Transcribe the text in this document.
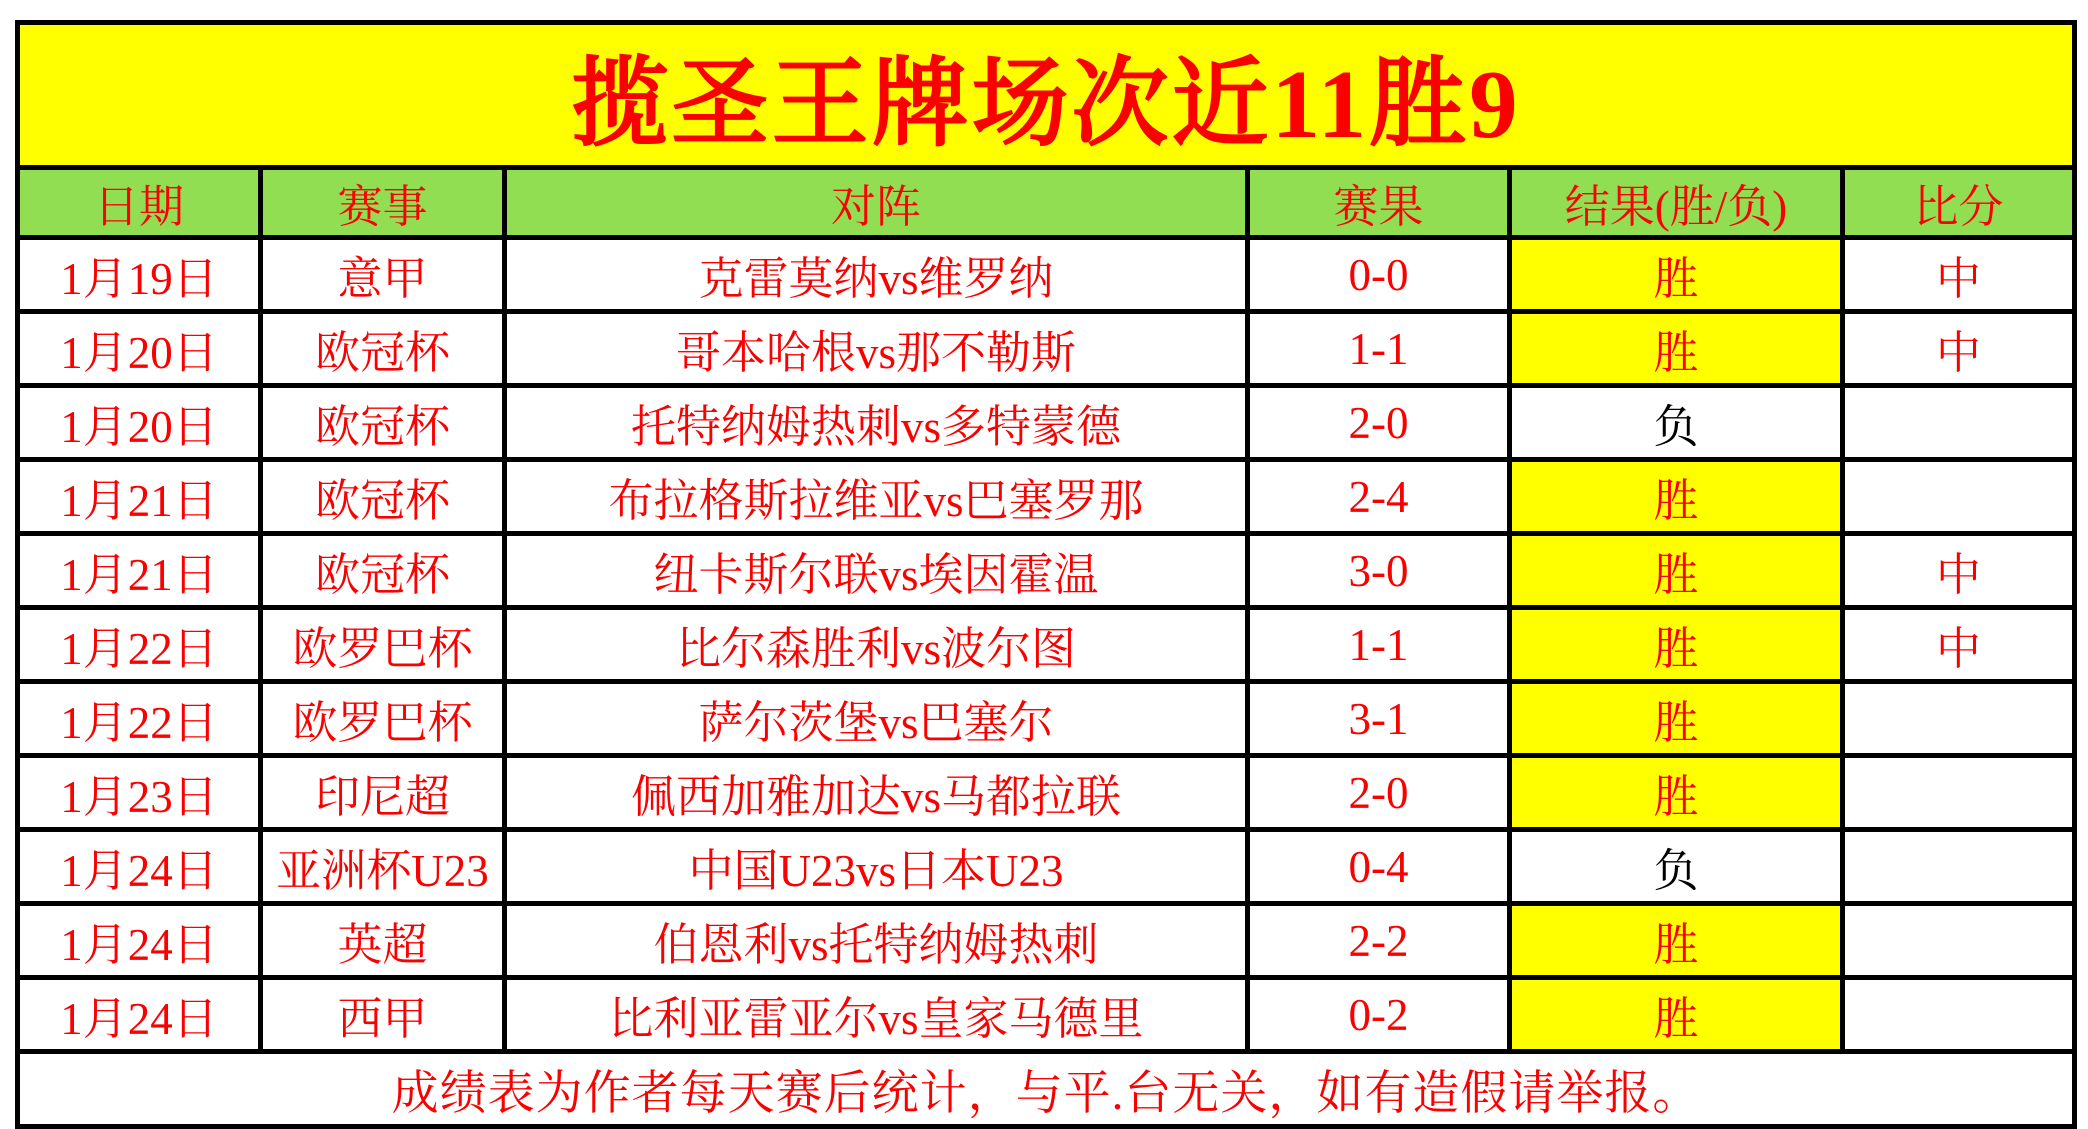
揽圣王牌场次近11胜9					
日期	赛事	对阵	赛果	结果(胜/负)	比分
1月19日	意甲	克雷莫纳vs维罗纳	0-0	胜	中
1月20日	欧冠杯	哥本哈根vs那不勒斯	1-1	胜	中
1月20日	欧冠杯	托特纳姆热刺vs多特蒙德	2-0	负	
1月21日	欧冠杯	布拉格斯拉维亚vs巴塞罗那	2-4	胜	
1月21日	欧冠杯	纽卡斯尔联vs埃因霍温	3-0	胜	中
1月22日	欧罗巴杯	比尔森胜利vs波尔图	1-1	胜	中
1月22日	欧罗巴杯	萨尔茨堡vs巴塞尔	3-1	胜	
1月23日	印尼超	佩西加雅加达vs马都拉联	2-0	胜	
1月24日	亚洲杯U23	中国U23vs日本U23	0-4	负	
1月24日	英超	伯恩利vs托特纳姆热刺	2-2	胜	
1月24日	西甲	比利亚雷亚尔vs皇家马德里	0-2	胜	
成绩表为作者每天赛后统计，与平.台无关，如有造假请举报。					
